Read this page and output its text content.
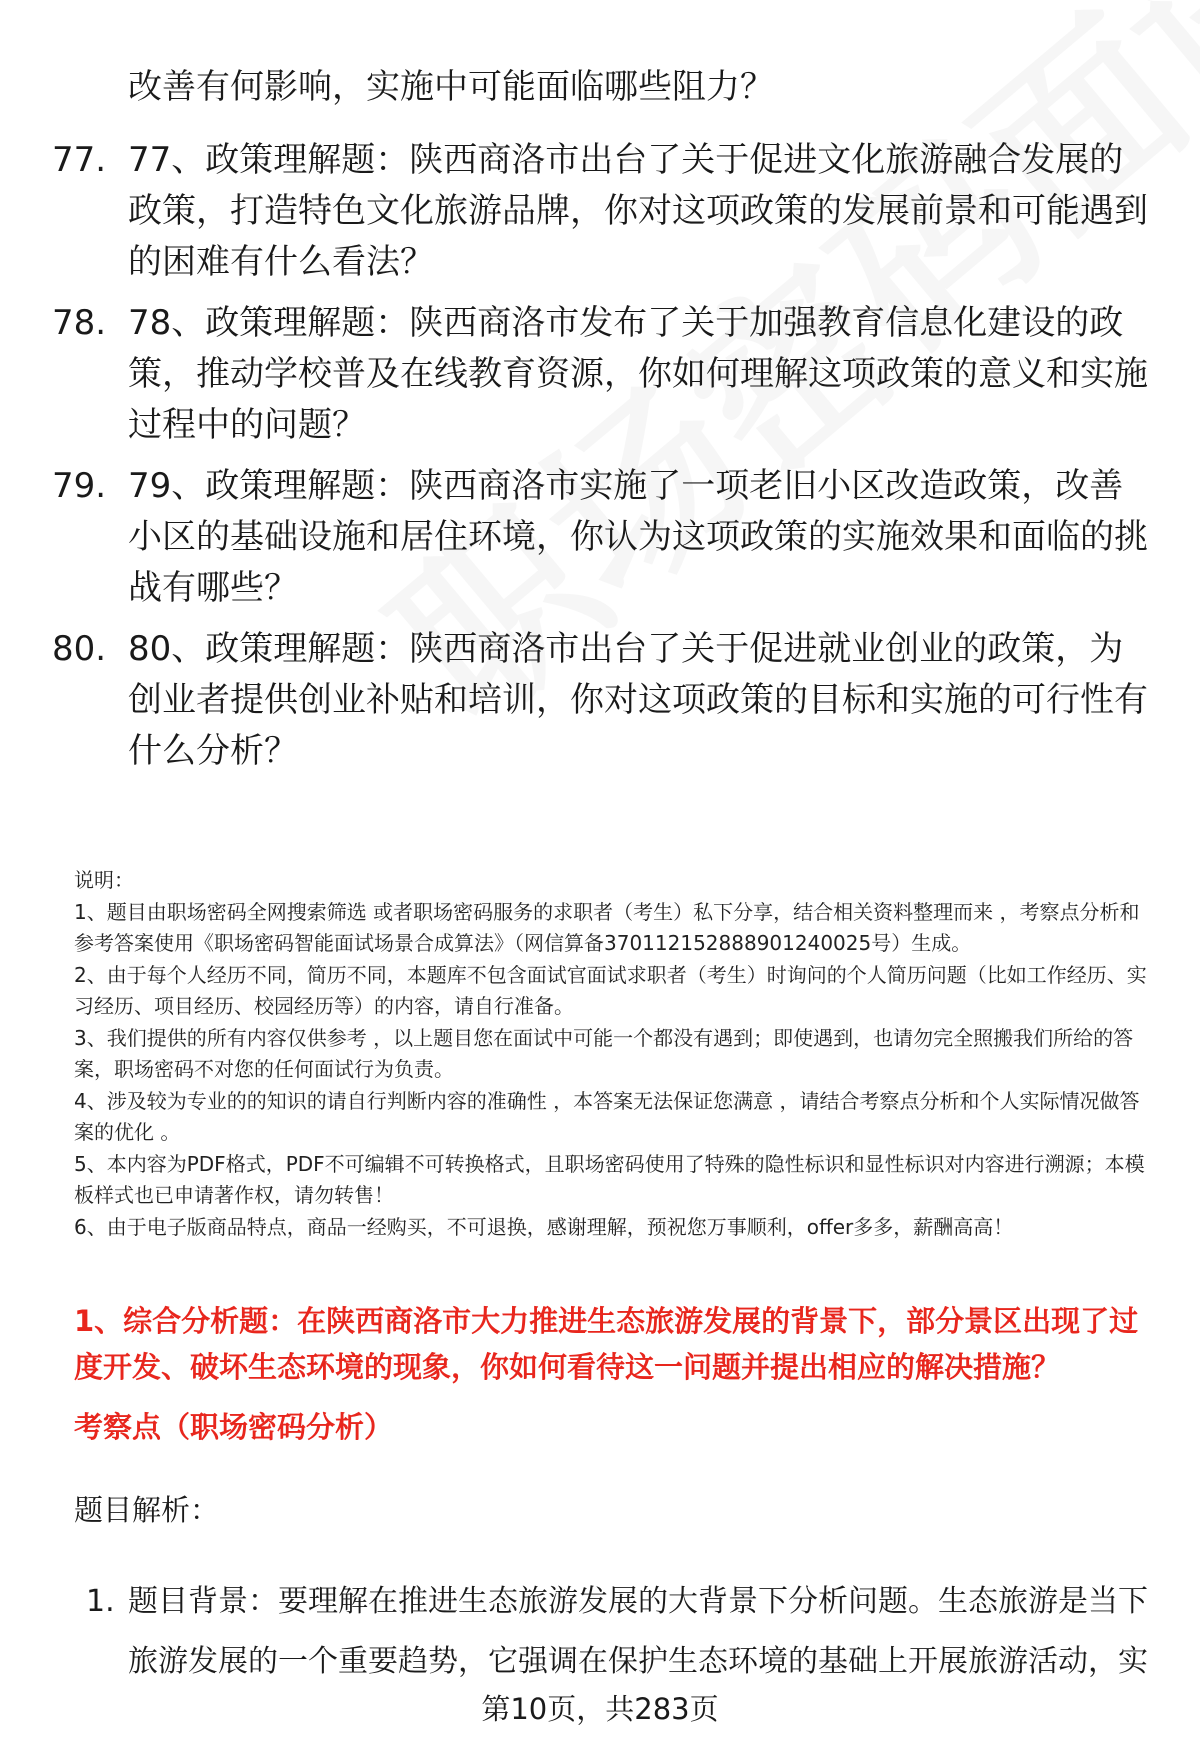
改善有何影响，实施中可能面临哪些阻力？
77. 77、政策理解题：陕西商洛市出台了关于促进文化旅游融合发展的政策，打造特色文化旅游品牌，你对这项政策的发展前景和可能遇到的困难有什么看法？
78. 78、政策理解题：陕西商洛市发布了关于加强教育信息化建设的政策，推动学校普及在线教育资源，你如何理解这项政策的意义和实施过程中的问题？
79. 79、政策理解题：陕西商洛市实施了一项老旧小区改造政策，改善小区的基础设施和居住环境，你认为这项政策的实施效果和面临的挑战有哪些？
80. 80、政策理解题：陕西商洛市出台了关于促进就业创业的政策，为创业者提供创业补贴和培训，你对这项政策的目标和实施的可行性有什么分析？

说明：

1、题目由职场密码全网搜索筛选 或者职场密码服务的求职者（考生）私下分享，结合相关资料整理而来 ，考察点分析和参考答案使用《职场密码智能面试场景合成算法》（网信算备370112152888901240025号）生成。

2、由于每个人经历不同，简历不同，本题库不包含面试官面试求职者（考生）时询问的个人简历问题（比如工作经历、实习经历、项目经历、校园经历等）的内容，请自行准备。

3、我们提供的所有内容仅供参考 ，以上题目您在面试中可能一个都没有遇到；即使遇到，也请勿完全照搬我们所给的答案，职场密码不对您的任何面试行为负责。

4、涉及较为专业的的知识的请自行判断内容的准确性 ，本答案无法保证您满意 ，请结合考察点分析和个人实际情况做答案的优化 。

5、本内容为PDF格式，PDF不可编辑不可转换格式，且职场密码使用了特殊的隐性标识和显性标识对内容进行溯源；本模板样式也已申请著作权，请勿转售！

6、由于电子版商品特点，商品一经购买，不可退换，感谢理解，预祝您万事顺利，offer多多，薪酬高高！

1、综合分析题：在陕西商洛市大力推进生态旅游发展的背景下，部分景区出现了过度开发、破坏生态环境的现象，你如何看待这一问题并提出相应的解决措施？
考察点（职场密码分析）
题目解析：
1. 题目背景：要理解在推进生态旅游发展的大背景下分析问题。生态旅游是当下旅游发展的一个重要趋势，它强调在保护生态环境的基础上开展旅游活动，实
第10页，共283页
